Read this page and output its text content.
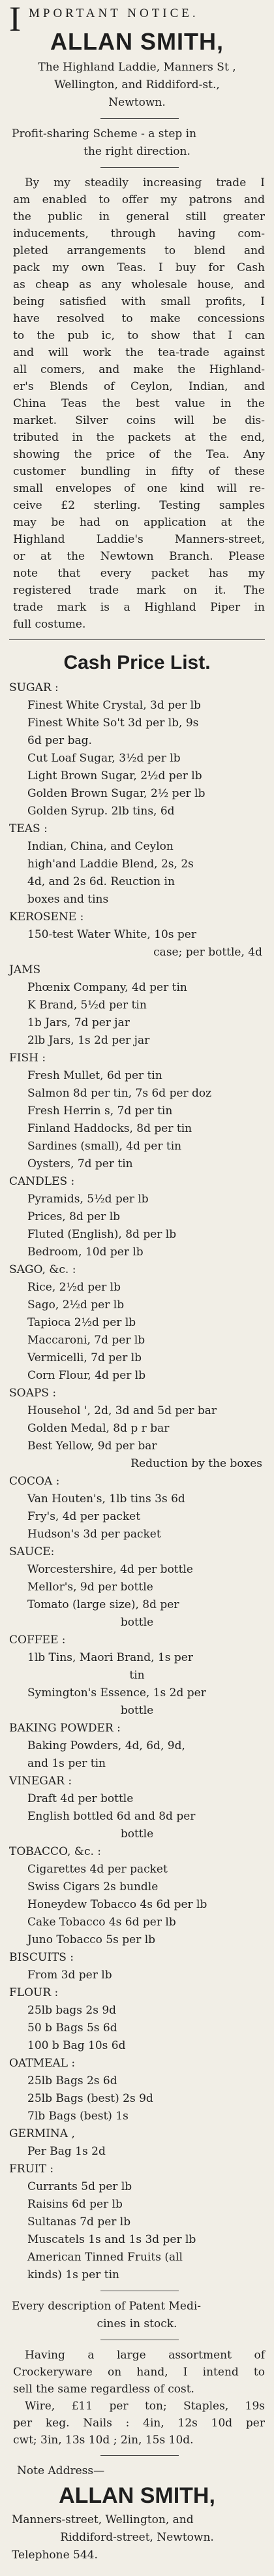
I MPORTANT NOTICE.
ALLAN SMITH,
The Highland Laddie, Manners St ,
Wellington, and Riddiford-st.,
Newtown.
Profit-sharing Scheme - a step in
the right direction.
By my steadily increasing trade I
am enabled to offer my patrons and
the public in general still greater
inducements, through having com-
pleted arrangements to blend and
pack my own Teas. I buy for Cash
as cheap as any wholesale house, and
being satisfied with small profits, I
have resolved to make concessions
to the pub ic, to show that I can
and will work the tea-trade against
all comers, and make the Highland-
er's Blends of Ceylon, Indian, and
China Teas the best value in the
market. Silver coins will be dis-
tributed in the packets at the end,
showing the price of the Tea. Any
customer bundling in fifty of these
small envelopes of one kind will re-
ceive £2 sterling. Testing samples
may be had on application at the
Highland Laddie's Manners-street,
or at the Newtown Branch. Please
note that every packet has my
registered trade mark on it. The
trade mark is a Highland Piper in
full costume.
Cash Price List.
SUGAR :
Finest White Crystal, 3d per lb
Finest White So't 3d per lb, 9s
6d per bag.
Cut Loaf Sugar, 3½d per lb
Light Brown Sugar, 2½d per lb
Golden Brown Sugar, 2½ per lb
Golden Syrup. 2lb tins, 6d
TEAS :
Indian, China, and Ceylon
high'and Laddie Blend, 2s, 2s
4d, and 2s 6d. Reuction in
boxes and tins
KEROSENE :
150-test Water White, 10s per
case; per bottle, 4d
JAMS
Phœnix Company, 4d per tin
K Brand, 5½d per tin
1b Jars, 7d per jar
2lb Jars, 1s 2d per jar
FISH :
Fresh Mullet, 6d per tin
Salmon 8d per tin, 7s 6d per doz
Fresh Herrin s, 7d per tin
Finland Haddocks, 8d per tin
Sardines (small), 4d per tin
Oysters, 7d per tin
CANDLES :
Pyramids, 5½d per lb
Prices, 8d per lb
Fluted (English), 8d per lb
Bedroom, 10d per lb
SAGO, &c. :
Rice, 2½d per lb
Sago, 2½d per lb
Tapioca 2½d per lb
Maccaroni, 7d per lb
Vermicelli, 7d per lb
Corn Flour, 4d per lb
SOAPS :
Househol ', 2d, 3d and 5d per bar
Golden Medal, 8d p r bar
Best Yellow, 9d per bar
Reduction by the boxes
COCOA :
Van Houten's, 1lb tins 3s 6d
Fry's, 4d per packet
Hudson's 3d per packet
SAUCE:
Worcestershire, 4d per bottle
Mellor's, 9d per bottle
Tomato (large size), 8d per
bottle
COFFEE :
1lb Tins, Maori Brand, 1s per
tin
Symington's Essence, 1s 2d per
bottle
BAKING POWDER :
Baking Powders, 4d, 6d, 9d,
and 1s per tin
VINEGAR :
Draft 4d per bottle
English bottled 6d and 8d per
bottle
TOBACCO, &c. :
Cigarettes 4d per packet
Swiss Cigars 2s bundle
Honeydew Tobacco 4s 6d per lb
Cake Tobacco 4s 6d per lb
Juno Tobacco 5s per lb
BISCUITS :
From 3d per lb
FLOUR :
25lb bags 2s 9d
50 b Bags 5s 6d
100 b Bag 10s 6d
OATMEAL :
25lb Bags 2s 6d
25lb Bags (best) 2s 9d
7lb Bags (best) 1s
GERMINA ,
Per Bag 1s 2d
FRUIT :
Currants 5d per lb
Raisins 6d per lb
Sultanas 7d per lb
Muscatels 1s and 1s 3d per lb
American Tinned Fruits (all
kinds) 1s per tin
Every description of Patent Medi-
cines in stock.
Having a large assortment of
Crockeryware on hand, I intend to
sell the same regardless of cost.
Wire, £11 per ton; Staples, 19s
per keg. Nails : 4in, 12s 10d per
cwt; 3in, 13s 10d ; 2in, 15s 10d.
Note Address—
ALLAN SMITH,
Manners-street, Wellington, and
Riddiford-street, Newtown.
Telephone 544.
